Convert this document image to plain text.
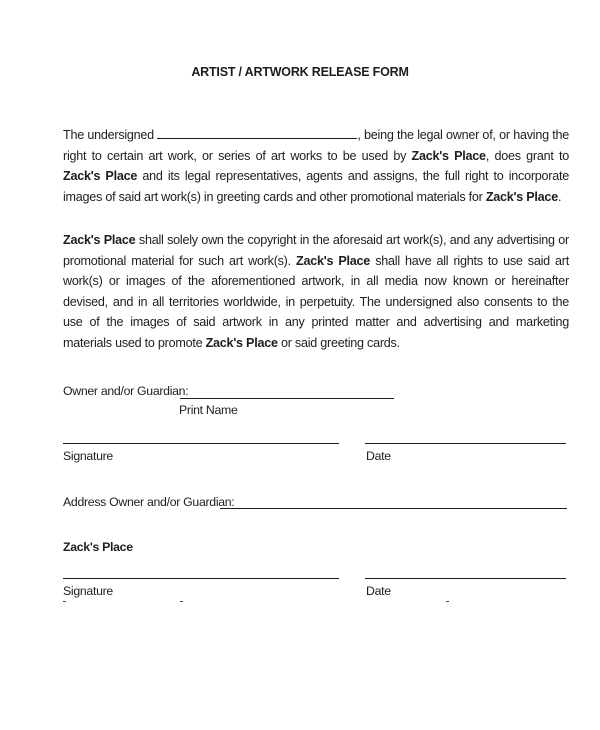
ARTIST / ARTWORK RELEASE FORM

The undersigned	, being the legal owner of, or having the right to certain art work, or series of art works to be used by Zack's Place, does grant to Zack's Place and its legal representatives, agents and assigns, the full right to incorporate images of said art work(s) in greeting cards and other promotional materials for Zack's Place.

Zack's Place shall solely own the copyright in the aforesaid art work(s), and any advertising or promotional material for such art work(s). Zack's Place shall have all rights to use said art work(s) or images of the aforementioned artwork, in all media now known or hereinafter devised, and in all territories worldwide, in perpetuity. The undersigned also consents to the use of the images of said artwork in any printed matter and advertising and marketing materials used to promote Zack's Place or said greeting cards.

Owner and/or Guardian:

Print Name

Signature	Date

Address Owner and/or Guardian:

Zack's Place

Signature	Date
